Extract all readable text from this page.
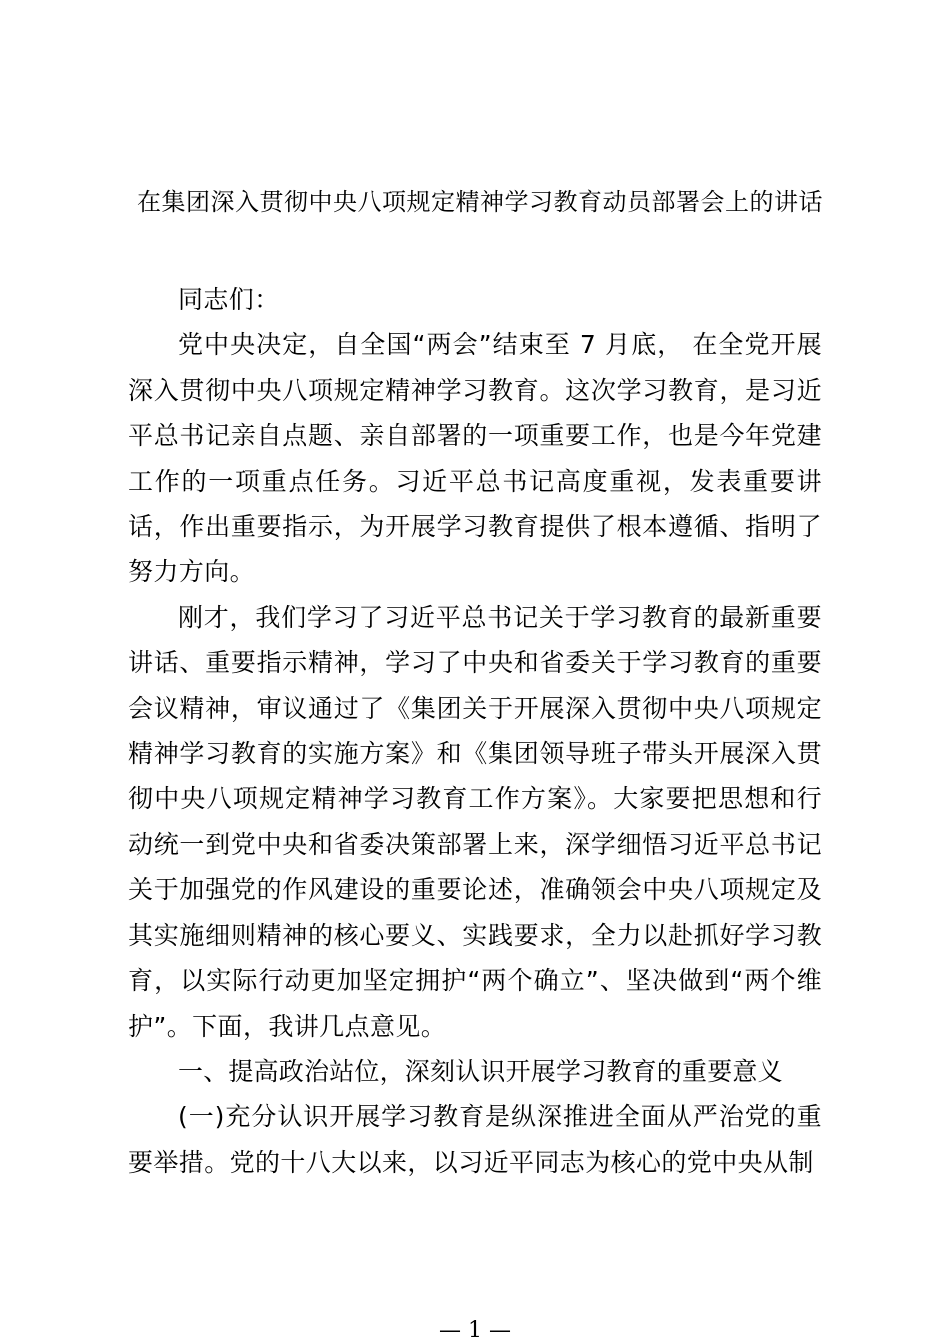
在集团深入贯彻中央八项规定精神学习教育动员部署会上的讲话

同志们：

党中央决定，自全国“两会”结束至 7 月底， 在全党开展深入贯彻中央八项规定精神学习教育。这次学习教育，是习近平总书记亲自点题、亲自部署的一项重要工作，也是今年党建工作的一项重点任务。习近平总书记高度重视，发表重要讲话，作出重要指示，为开展学习教育提供了根本遵循、指明了努力方向。

刚才，我们学习了习近平总书记关于学习教育的最新重要讲话、重要指示精神，学习了中央和省委关于学习教育的重要会议精神，审议通过了《集团关于开展深入贯彻中央八项规定精神学习教育的实施方案》和《集团领导班子带头开展深入贯彻中央八项规定精神学习教育工作方案》。大家要把思想和行动统一到党中央和省委决策部署上来，深学细悟习近平总书记关于加强党的作风建设的重要论述，准确领会中央八项规定及其实施细则精神的核心要义、实践要求，全力以赴抓好学习教育，以实际行动更加坚定拥护“两个确立”、坚决做到“两个维护”。下面，我讲几点意见。

一、提高政治站位，深刻认识开展学习教育的重要意义

(一)充分认识开展学习教育是纵深推进全面从严治党的重要举措。党的十八大以来，以习近平同志为核心的党中央从制

— 1 —
